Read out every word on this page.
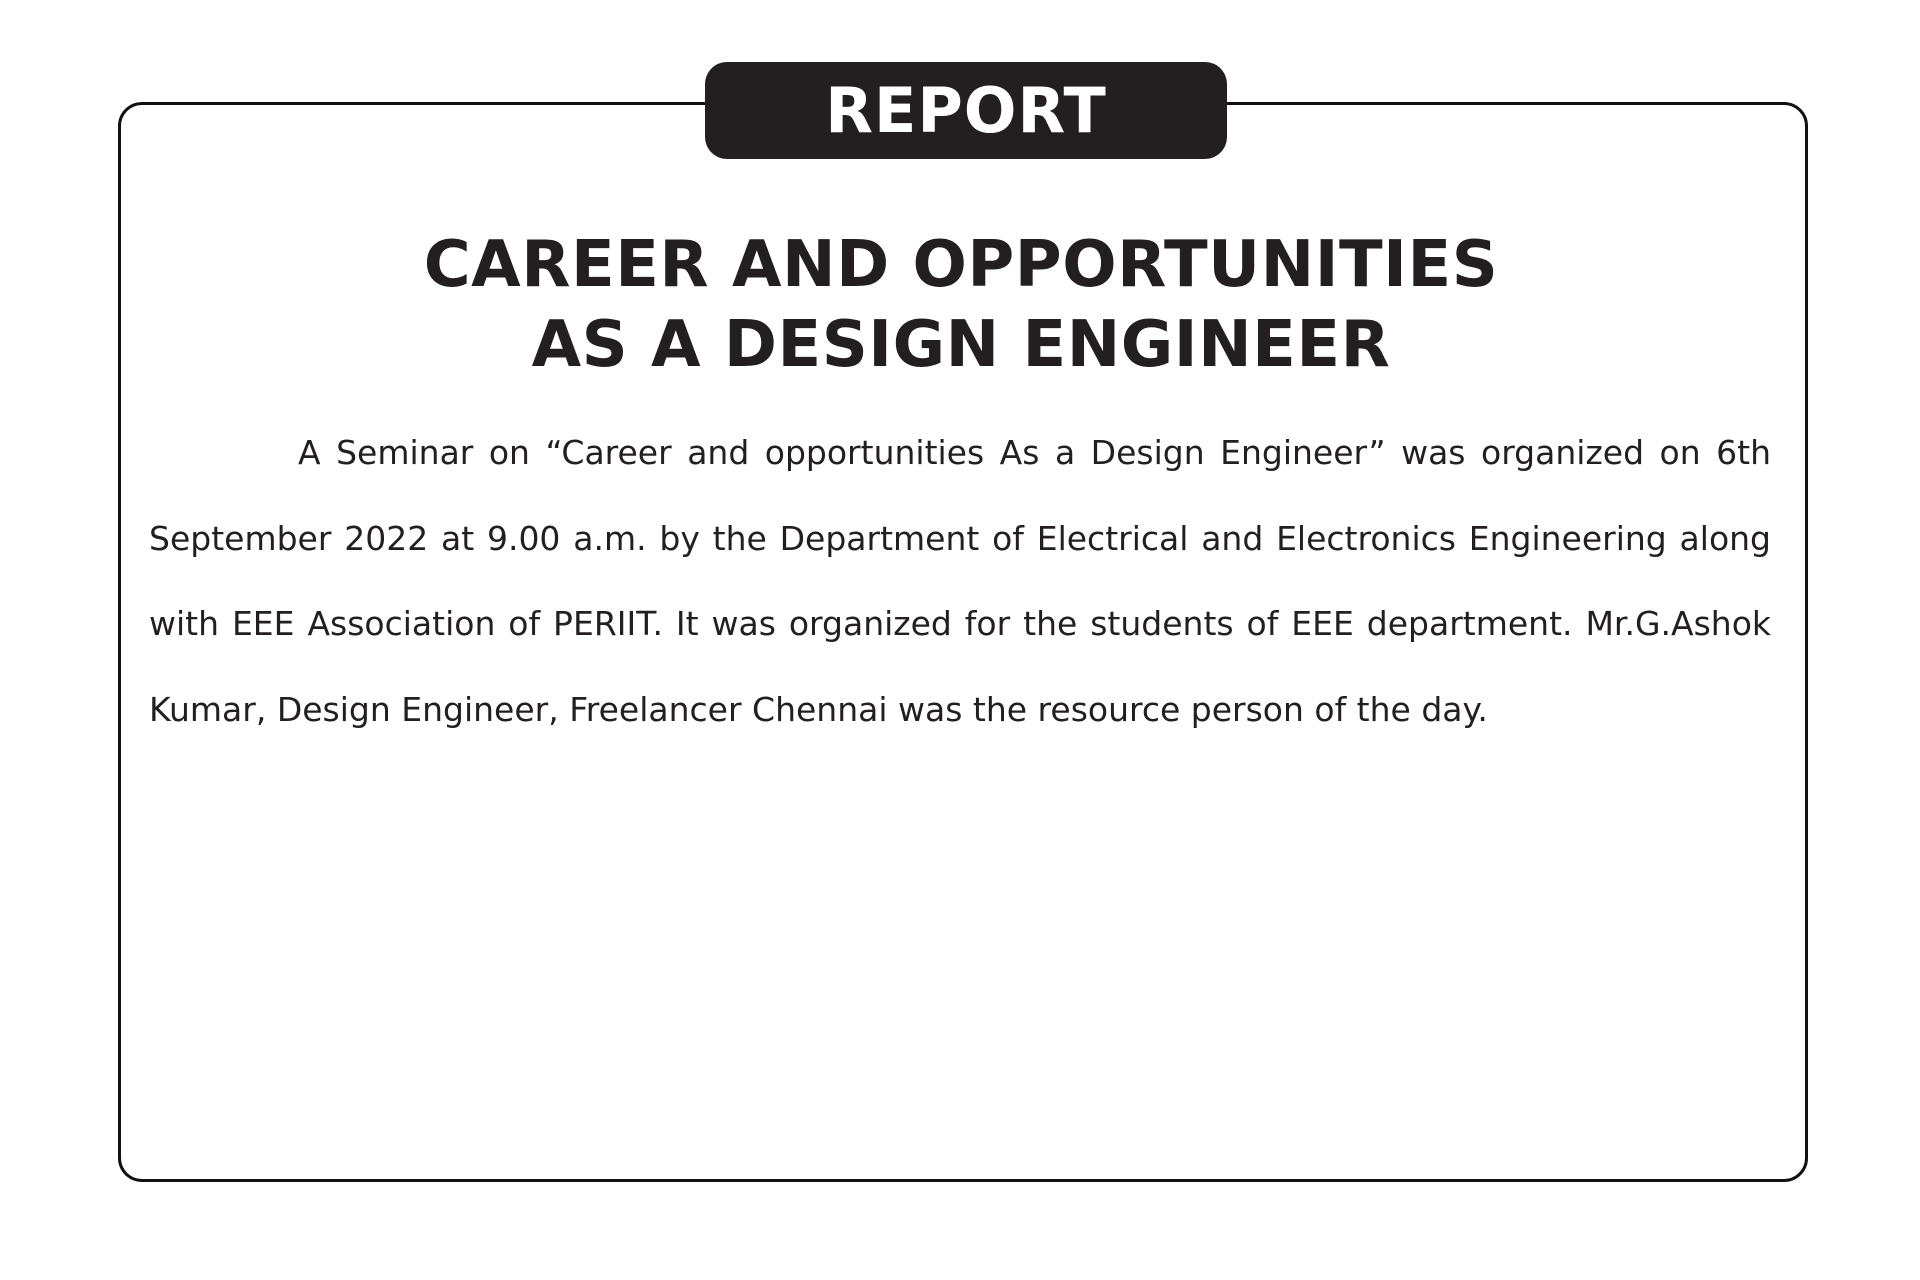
REPORT
CAREER AND OPPORTUNITIES
AS A DESIGN ENGINEER

A Seminar on “Career and opportunities As a Design Engineer” was organized on 6th September 2022 at 9.00 a.m. by the Department of Electrical and Electronics Engineering along with EEE Association of PERIIT. It was organized for the students of EEE department. Mr.G.Ashok Kumar, Design Engineer, Freelancer Chennai was the resource person of the day.
